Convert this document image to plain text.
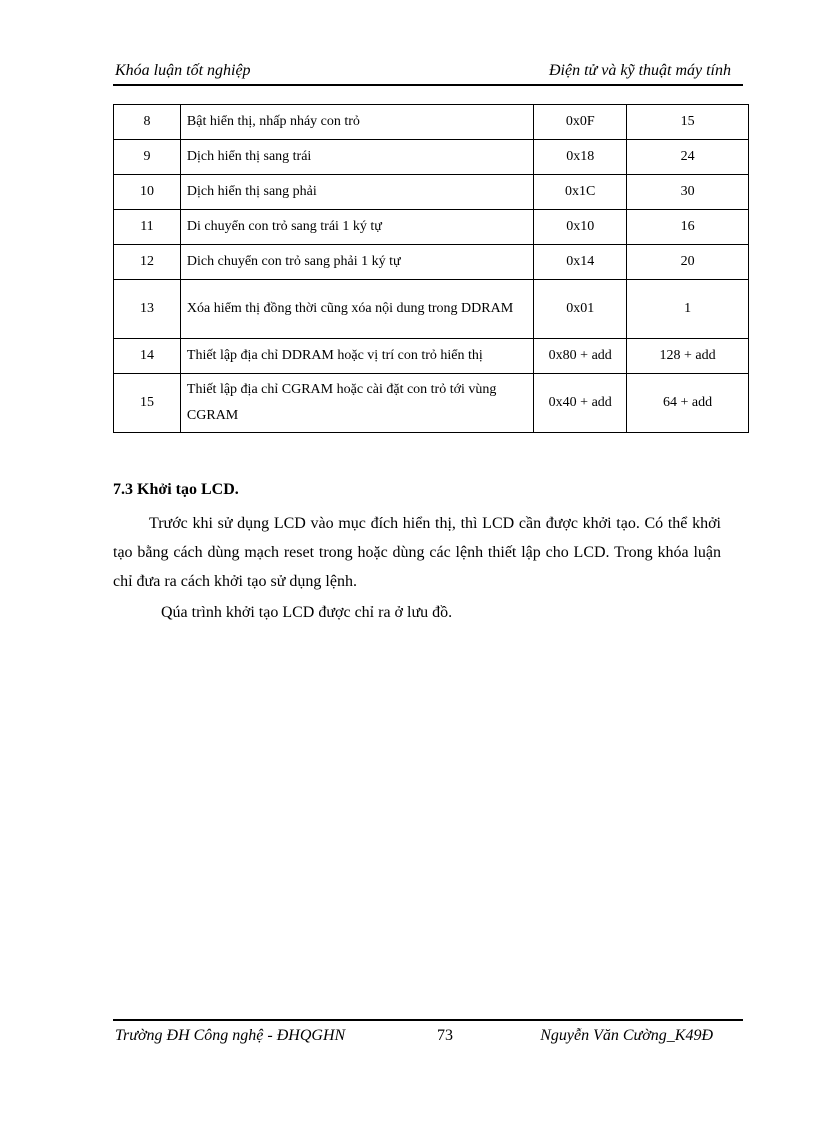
Khóa luận tốt nghiệp	Điện tử và kỹ thuật máy tính
8	Bật hiển thị, nhấp nháy con trỏ	0x0F	15
9	Dịch hiển thị sang trái	0x18	24
10	Dịch hiển thị sang phải	0x1C	30
11	Di chuyển con trỏ sang trái 1 ký tự	0x10	16
12	Dich chuyển con trỏ sang phải 1 ký tự	0x14	20
13	Xóa hiểm thị đồng thời cũng xóa nội dung trong DDRAM	0x01	1
14	Thiết lập địa chỉ DDRAM hoặc vị trí con trỏ hiển thị	0x80 + add	128 + add
15	Thiết lập địa chỉ CGRAM hoặc cài đặt con trỏ tới vùng CGRAM	0x40 + add	64 + add
7.3 Khởi tạo LCD.

Trước khi sử dụng LCD vào mục đích hiển thị, thì LCD cần được khởi tạo. Có thể khởi tạo bằng cách dùng mạch reset trong hoặc dùng các lệnh thiết lập cho LCD. Trong khóa luận chỉ đưa ra cách khởi tạo sử dụng lệnh.

Qúa trình khởi tạo LCD được chỉ ra ở lưu đồ.

Trường ĐH Công nghệ - ĐHQGHN	73	Nguyễn Văn Cường_K49Đ
